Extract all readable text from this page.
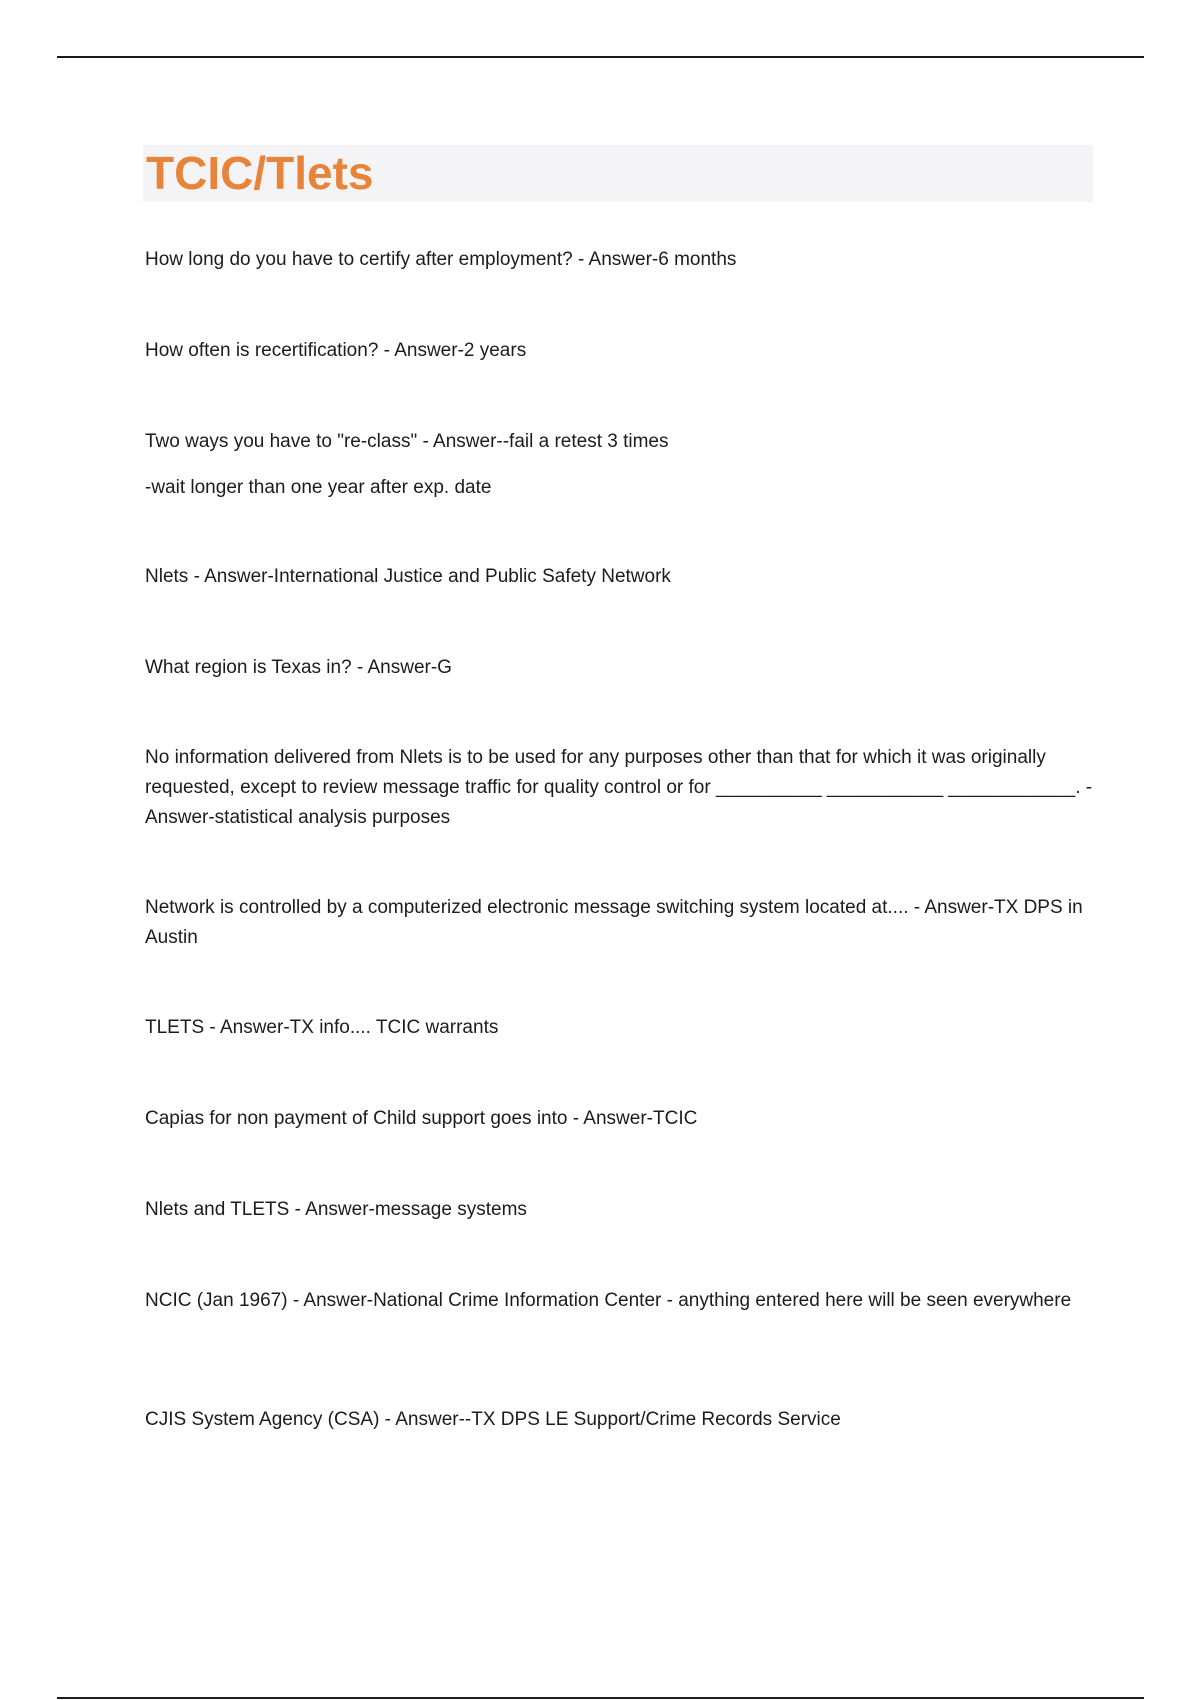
TCIC/Tlets

How long do you have to certify after employment? - Answer-6 months

How often is recertification? - Answer-2 years

Two ways you have to "re-class" - Answer--fail a retest 3 times

-wait longer than one year after exp. date

Nlets - Answer-International Justice and Public Safety Network

What region is Texas in? - Answer-G

No information delivered from Nlets is to be used for any purposes other than that for which it was originally requested, except to review message traffic for quality control or for __________ ___________ ____________. - Answer-statistical analysis purposes

Network is controlled by a computerized electronic message switching system located at.... - Answer-TX DPS in Austin

TLETS - Answer-TX info.... TCIC warrants

Capias for non payment of Child support goes into - Answer-TCIC

Nlets and TLETS - Answer-message systems

NCIC (Jan 1967) - Answer-National Crime Information Center - anything entered here will be seen everywhere

CJIS System Agency (CSA) - Answer--TX DPS LE Support/Crime Records Service
